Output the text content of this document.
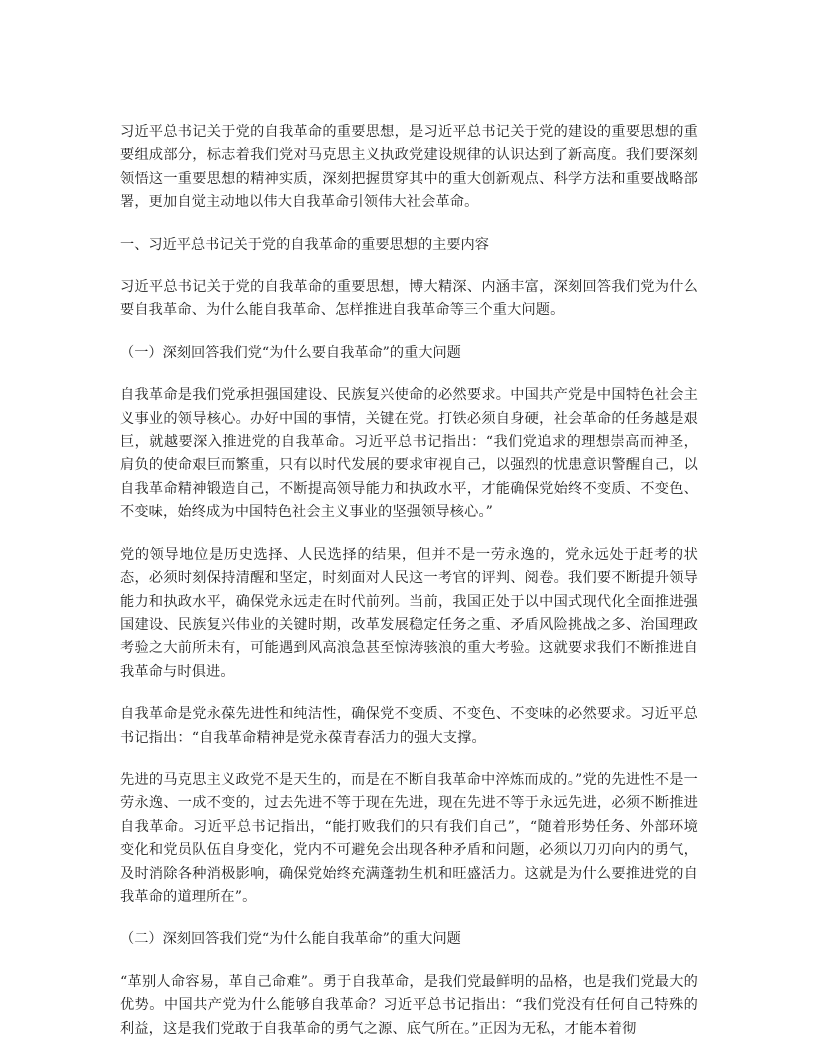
习近平总书记关于党的自我革命的重要思想，是习近平总书记关于党的建设的重要思想的重要组成部分，标志着我们党对马克思主义执政党建设规律的认识达到了新高度。我们要深刻领悟这一重要思想的精神实质，深刻把握贯穿其中的重大创新观点、科学方法和重要战略部署，更加自觉主动地以伟大自我革命引领伟大社会革命。

一、习近平总书记关于党的自我革命的重要思想的主要内容

习近平总书记关于党的自我革命的重要思想，博大精深、内涵丰富，深刻回答我们党为什么要自我革命、为什么能自我革命、怎样推进自我革命等三个重大问题。

（一）深刻回答我们党“为什么要自我革命”的重大问题

自我革命是我们党承担强国建设、民族复兴使命的必然要求。中国共产党是中国特色社会主义事业的领导核心。办好中国的事情，关键在党。打铁必须自身硬，社会革命的任务越是艰巨，就越要深入推进党的自我革命。习近平总书记指出：“我们党追求的理想崇高而神圣，肩负的使命艰巨而繁重，只有以时代发展的要求审视自己，以强烈的忧患意识警醒自己，以自我革命精神锻造自己，不断提高领导能力和执政水平，才能确保党始终不变质、不变色、不变味，始终成为中国特色社会主义事业的坚强领导核心。”

党的领导地位是历史选择、人民选择的结果，但并不是一劳永逸的，党永远处于赶考的状态，必须时刻保持清醒和坚定，时刻面对人民这一考官的评判、阅卷。我们要不断提升领导能力和执政水平，确保党永远走在时代前列。当前，我国正处于以中国式现代化全面推进强国建设、民族复兴伟业的关键时期，改革发展稳定任务之重、矛盾风险挑战之多、治国理政考验之大前所未有，可能遇到风高浪急甚至惊涛骇浪的重大考验。这就要求我们不断推进自我革命与时俱进。

自我革命是党永葆先进性和纯洁性，确保党不变质、不变色、不变味的必然要求。习近平总书记指出：“自我革命精神是党永葆青春活力的强大支撑。

先进的马克思主义政党不是天生的，而是在不断自我革命中淬炼而成的。”党的先进性不是一劳永逸、一成不变的，过去先进不等于现在先进，现在先进不等于永远先进，必须不断推进自我革命。习近平总书记指出，“能打败我们的只有我们自己”，“随着形势任务、外部环境变化和党员队伍自身变化，党内不可避免会出现各种矛盾和问题，必须以刀刃向内的勇气，及时消除各种消极影响，确保党始终充满蓬勃生机和旺盛活力。这就是为什么要推进党的自我革命的道理所在”。

（二）深刻回答我们党“为什么能自我革命”的重大问题

“革别人命容易，革自己命难”。勇于自我革命，是我们党最鲜明的品格，也是我们党最大的优势。中国共产党为什么能够自我革命？习近平总书记指出：“我们党没有任何自己特殊的利益，这是我们党敢于自我革命的勇气之源、底气所在。”正因为无私，才能本着彻
